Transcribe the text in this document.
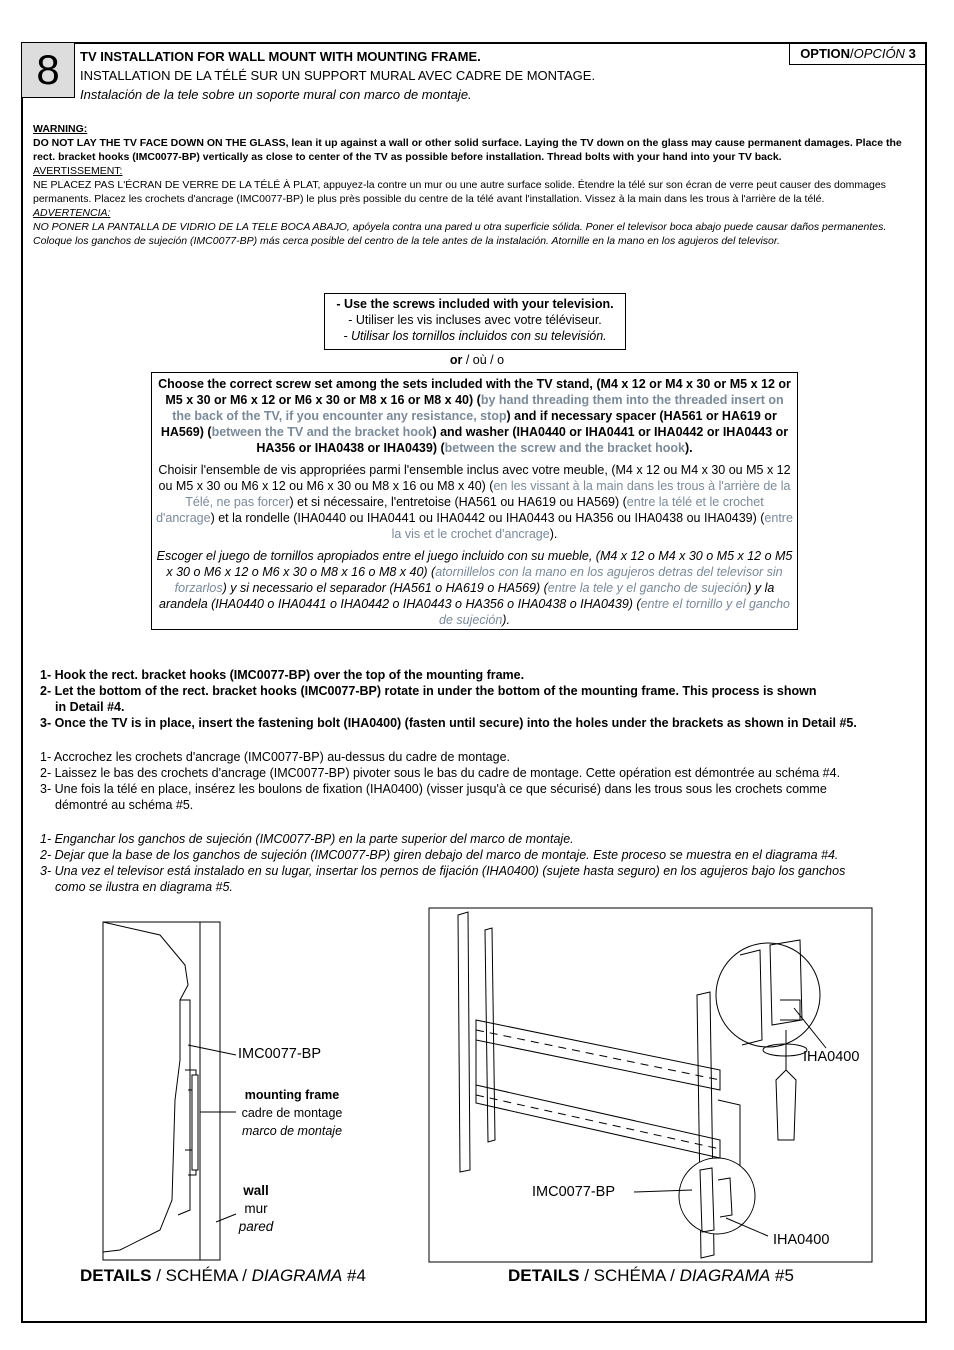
8	OPTION / OPCIÓN
3
TV INSTALLATION FOR WALL MOUNT WITH MOUNTING FRAME.
INSTALLATION DE LA TÉLÉ SUR UN SUPPORT MURAL AVEC CADRE DE MONTAGE.
Instalación de la tele sobre un soporte mural con marco de montaje.

WARNING:

DO NOT LAY THE TV FACE DOWN ON THE GLASS, lean it up against a wall or other solid surface. Laying the TV down on the glass may cause permanent damages. Place the rect. bracket hooks (IMC0077-BP) vertically as close to center of the TV as possible before installation. Thread bolts with your hand into your TV back.

AVERTISSEMENT:

NE PLACEZ PAS L'ÉCRAN DE VERRE DE LA TÉLÉ À PLAT, appuyez-la contre un mur ou une autre surface solide. Étendre la télé sur son écran de verre peut causer des dommages permanents. Placez les crochets d'ancrage (IMC0077-BP) le plus près possible du centre de la télé avant l'installation. Vissez à la main dans les trous à l'arrière de la télé.

ADVERTENCIA:

NO PONER LA PANTALLA DE VIDRIO DE LA TELE BOCA ABAJO, apóyela contra una pared u otra superficie sólida. Poner el televisor boca abajo puede causar daños permanentes. Coloque los ganchos de sujeción (IMC0077-BP) más cerca posible del centro de la tele antes de la instalación. Atornille en la mano en los agujeros del televisor.

- Use the screws included with your television.
- Utiliser les vis incluses avec votre téléviseur.
- Utilisar los tornillos incluidos con su televisión.
or / où / o

Choose the correct screw set among the sets included with the TV stand, (M4 x 12 or M4 x 30 or M5 x 12 or M5 x 30 or M6 x 12 or M6 x 30 or M8 x 16 or M8 x 40) (by hand threading them into the threaded insert on the back of the TV, if you encounter any resistance, stop) and if necessary spacer (HA561 or HA619 or HA569) (between the TV and the bracket hook) and washer (IHA0440 or IHA0441 or IHA0442 or IHA0443 or HA356 or IHA0438 or IHA0439) (between the screw and the bracket hook).

Choisir l'ensemble de vis appropriées parmi l'ensemble inclus avec votre meuble, (M4 x 12 ou M4 x 30 ou M5 x 12 ou M5 x 30 ou M6 x 12 ou M6 x 30 ou M8 x 16 ou M8 x 40) (en les vissant à la main dans les trous à l'arrière de la Télé, ne pas forcer) et si nécessaire, l'entretoise (HA561 ou HA619 ou HA569) (entre la télé et le crochet d'ancrage) et la rondelle (IHA0440 ou IHA0441 ou IHA0442 ou IHA0443 ou HA356 ou IHA0438 ou IHA0439) (entre la vis et le crochet d'ancrage).

Escoger el juego de tornillos apropiados entre el juego incluido con su mueble, (M4 x 12 o M4 x 30 o M5 x 12 o M5 x 30 o M6 x 12 o M6 x 30 o M8 x 16 o M8 x 40) (atornillelos con la mano en los agujeros detras del televisor sin forzarlos) y si necessario el separador (HA561 o HA619 o HA569) (entre la tele y el gancho de sujeción) y la arandela (IHA0440 o IHA0441 o IHA0442 o IHA0443 o HA356 o IHA0438 o IHA0439) (entre el tornillo y el gancho de sujeción).

1- Hook the rect. bracket hooks (IMC0077-BP) over the top of the mounting frame.

2- Let the bottom of the rect. bracket hooks (IMC0077-BP) rotate in under the bottom of the mounting frame. This process is shown

in Detail #4.

3- Once the TV is in place, insert the fastening bolt (IHA0400) (fasten until secure) into the holes under the brackets as shown in Detail #5.

1- Accrochez les crochets d'ancrage (IMC0077-BP) au-dessus du cadre de montage.

2- Laissez le bas des crochets d'ancrage (IMC0077-BP) pivoter sous le bas du cadre de montage. Cette opération est démontrée au schéma #4.

3- Une fois la télé en place, insérez les boulons de fixation (IHA0400) (visser jusqu'à ce que sécurisé) dans les trous sous les crochets comme

démontré au schéma #5.

1- Enganchar los ganchos de sujeción (IMC0077-BP) en la parte superior del marco de montaje.

2- Dejar que la base de los ganchos de sujeción (IMC0077-BP) giren debajo del marco de montaje. Este proceso se muestra en el diagrama #4.

3- Una vez el televisor está instalado en su lugar, insertar los pernos de fijación (IHA0400) (sujete hasta seguro) en los agujeros bajo los ganchos

como se ilustra en diagrama #5.

IMC0077-BP
mounting frame
cadre de montage
marco de montaje
wall
mur
pared
DETAILS / SCHÉMA / DIAGRAMA #4
IHA0400
IMC0077-BP
IHA0400
DETAILS / SCHÉMA / DIAGRAMA #5
